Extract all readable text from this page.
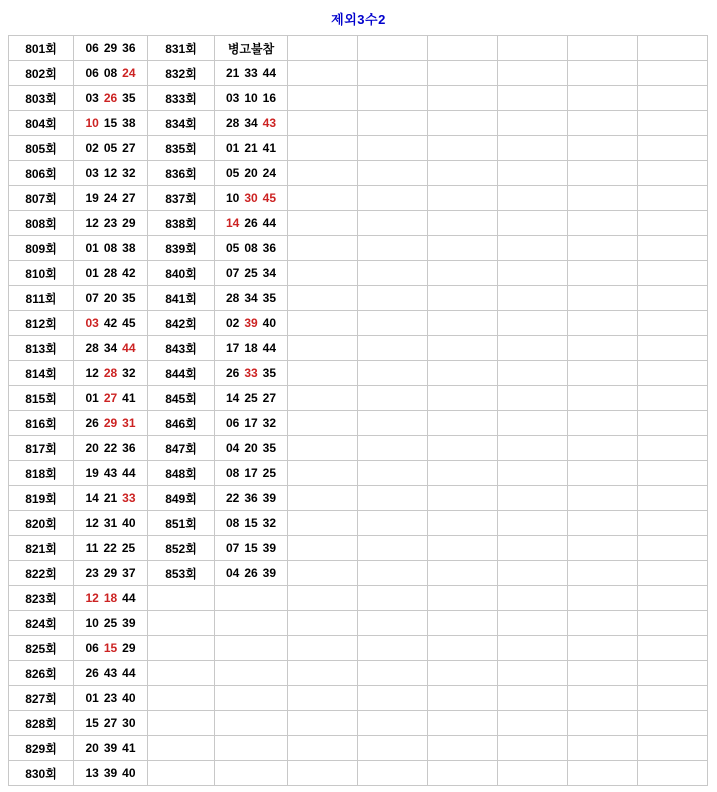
제외3수2
801회	06 29 36	831회	병고불참						
802회	06 08 24	832회	21 33 44						
803회	03 26 35	833회	03 10 16						
804회	10 15 38	834회	28 34 43						
805회	02 05 27	835회	01 21 41						
806회	03 12 32	836회	05 20 24						
807회	19 24 27	837회	10 30 45						
808회	12 23 29	838회	14 26 44						
809회	01 08 38	839회	05 08 36						
810회	01 28 42	840회	07 25 34						
811회	07 20 35	841회	28 34 35						
812회	03 42 45	842회	02 39 40						
813회	28 34 44	843회	17 18 44						
814회	12 28 32	844회	26 33 35						
815회	01 27 41	845회	14 25 27						
816회	26 29 31	846회	06 17 32						
817회	20 22 36	847회	04 20 35						
818회	19 43 44	848회	08 17 25						
819회	14 21 33	849회	22 36 39						
820회	12 31 40	851회	08 15 32						
821회	11 22 25	852회	07 15 39						
822회	23 29 37	853회	04 26 39						
823회	12 18 44								
824회	10 25 39								
825회	06 15 29								
826회	26 43 44								
827회	01 23 40								
828회	15 27 30								
829회	20 39 41								
830회	13 39 40								
